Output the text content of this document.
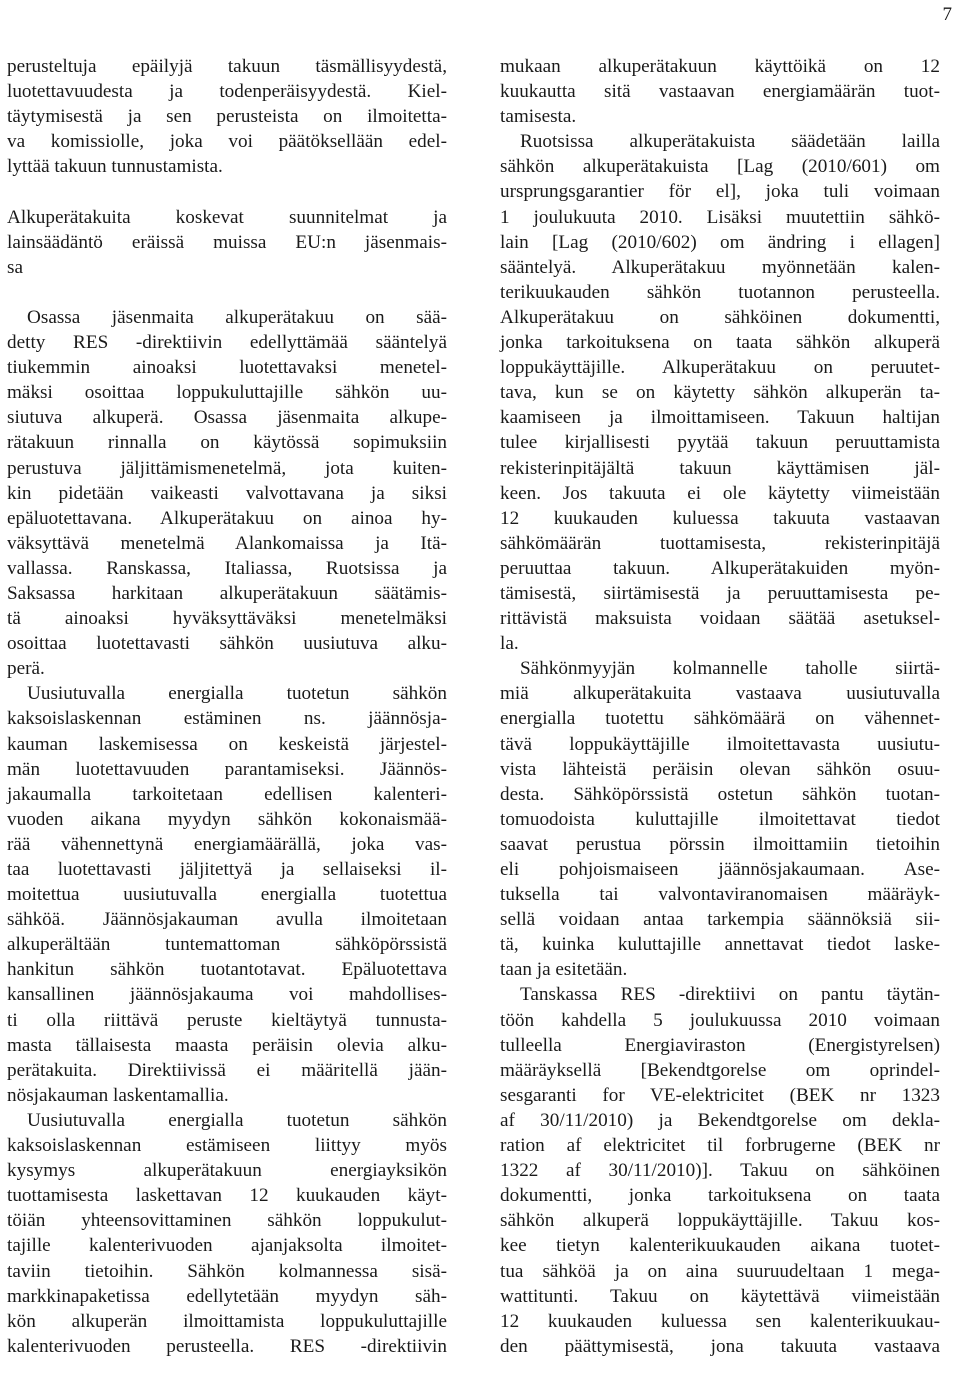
7
perusteltuja epäilyjä takuun täsmällisyydestä,
luotettavuudesta ja todenperäisyydestä. Kiel-
täytymisestä ja sen perusteista on ilmoitetta-
va komissiolle, joka voi päätöksellään edel-
lyttää takuun tunnustamista.
Alkuperätakuita koskevat suunnitelmat ja
lainsäädäntö eräissä muissa EU:n jäsenmais-
sa
Osassa jäsenmaita alkuperätakuu on sää-
detty RES -direktiivin edellyttämää sääntelyä
tiukemmin ainoaksi luotettavaksi menetel-
mäksi osoittaa loppukuluttajille sähkön uu-
siutuva alkuperä. Osassa jäsenmaita alkupe-
rätakuun rinnalla on käytössä sopimuksiin
perustuva jäljittämismenetelmä, jota kuiten-
kin pidetään vaikeasti valvottavana ja siksi
epäluotettavana. Alkuperätakuu on ainoa hy-
väksyttävä menetelmä Alankomaissa ja Itä-
vallassa. Ranskassa, Italiassa, Ruotsissa ja
Saksassa harkitaan alkuperätakuun säätämis-
tä ainoaksi hyväksyttäväksi menetelmäksi
osoittaa luotettavasti sähkön uusiutuva alku-
perä.
Uusiutuvalla energialla tuotetun sähkön
kaksoislaskennan estäminen ns. jäännösja-
kauman laskemisessa on keskeistä järjestel-
män luotettavuuden parantamiseksi. Jäännös-
jakaumalla tarkoitetaan edellisen kalenteri-
vuoden aikana myydyn sähkön kokonaismää-
rää vähennettynä energiamäärällä, joka vas-
taa luotettavasti jäljitettyä ja sellaiseksi il-
moitettua uusiutuvalla energialla tuotettua
sähköä. Jäännösjakauman avulla ilmoitetaan
alkuperältään tuntemattoman sähköpörssistä
hankitun sähkön tuotantotavat. Epäluotettava
kansallinen jäännösjakauma voi mahdollises-
ti olla riittävä peruste kieltäytyä tunnusta-
masta tällaisesta maasta peräisin olevia alku-
perätakuita. Direktiivissä ei määritellä jään-
nösjakauman laskentamallia.
Uusiutuvalla energialla tuotetun sähkön
kaksoislaskennan estämiseen liittyy myös
kysymys alkuperätakuun energiayksikön
tuottamisesta laskettavan 12 kuukauden käyt-
töiän yhteensovittaminen sähkön loppukulut-
tajille kalenterivuoden ajanjaksolta ilmoitet-
taviin tietoihin. Sähkön kolmannessa sisä-
markkinapaketissa edellytetään myydyn säh-
kön alkuperän ilmoittamista loppukuluttajille
kalenterivuoden perusteella. RES -direktiivin
mukaan alkuperätakuun käyttöikä on 12
kuukautta sitä vastaavan energiamäärän tuot-
tamisesta.
Ruotsissa alkuperätakuista säädetään lailla
sähkön alkuperätakuista [Lag (2010/601) om
ursprungsgarantier för el], joka tuli voimaan
1 joulukuuta 2010. Lisäksi muutettiin sähkö-
lain [Lag (2010/602) om ändring i ellagen]
sääntelyä. Alkuperätakuu myönnetään kalen-
terikuukauden sähkön tuotannon perusteella.
Alkuperätakuu on sähköinen dokumentti,
jonka tarkoituksena on taata sähkön alkuperä
loppukäyttäjille. Alkuperätakuu on peruutet-
tava, kun se on käytetty sähkön alkuperän ta-
kaamiseen ja ilmoittamiseen. Takuun haltijan
tulee kirjallisesti pyytää takuun peruuttamista
rekisterinpitäjältä takuun käyttämisen jäl-
keen. Jos takuuta ei ole käytetty viimeistään
12 kuukauden kuluessa takuuta vastaavan
sähkömäärän tuottamisesta, rekisterinpitäjä
peruuttaa takuun. Alkuperätakuiden myön-
tämisestä, siirtämisestä ja peruuttamisesta pe-
rittävistä maksuista voidaan säätää asetuksel-
la.
Sähkönmyyjän kolmannelle taholle siirtä-
miä alkuperätakuita vastaava uusiutuvalla
energialla tuotettu sähkömäärä on vähennet-
tävä loppukäyttäjille ilmoitettavasta uusiutu-
vista lähteistä peräisin olevan sähkön osuu-
desta. Sähköpörssistä ostetun sähkön tuotan-
tomuodoista kuluttajille ilmoitettavat tiedot
saavat perustua pörssin ilmoittamiin tietoihin
eli pohjoismaiseen jäännösjakaumaan. Ase-
tuksella tai valvontaviranomaisen määräyk-
sellä voidaan antaa tarkempia säännöksiä sii-
tä, kuinka kuluttajille annettavat tiedot laske-
taan ja esitetään.
Tanskassa RES -direktiivi on pantu täytän-
töön kahdella 5 joulukuussa 2010 voimaan
tulleella Energiaviraston (Energistyrelsen)
määräyksellä [Bekendtgorelse om oprindel-
sesgaranti for VE-elektricitet (BEK nr 1323
af 30/11/2010) ja Bekendtgorelse om dekla-
ration af elektricitet til forbrugerne (BEK nr
1322 af 30/11/2010)]. Takuu on sähköinen
dokumentti, jonka tarkoituksena on taata
sähkön alkuperä loppukäyttäjille. Takuu kos-
kee tietyn kalenterikuukauden aikana tuotet-
tua sähköä ja on aina suuruudeltaan 1 mega-
wattitunti. Takuu on käytettävä viimeistään
12 kuukauden kuluessa sen kalenterikuukau-
den päättymisestä, jona takuuta vastaava
